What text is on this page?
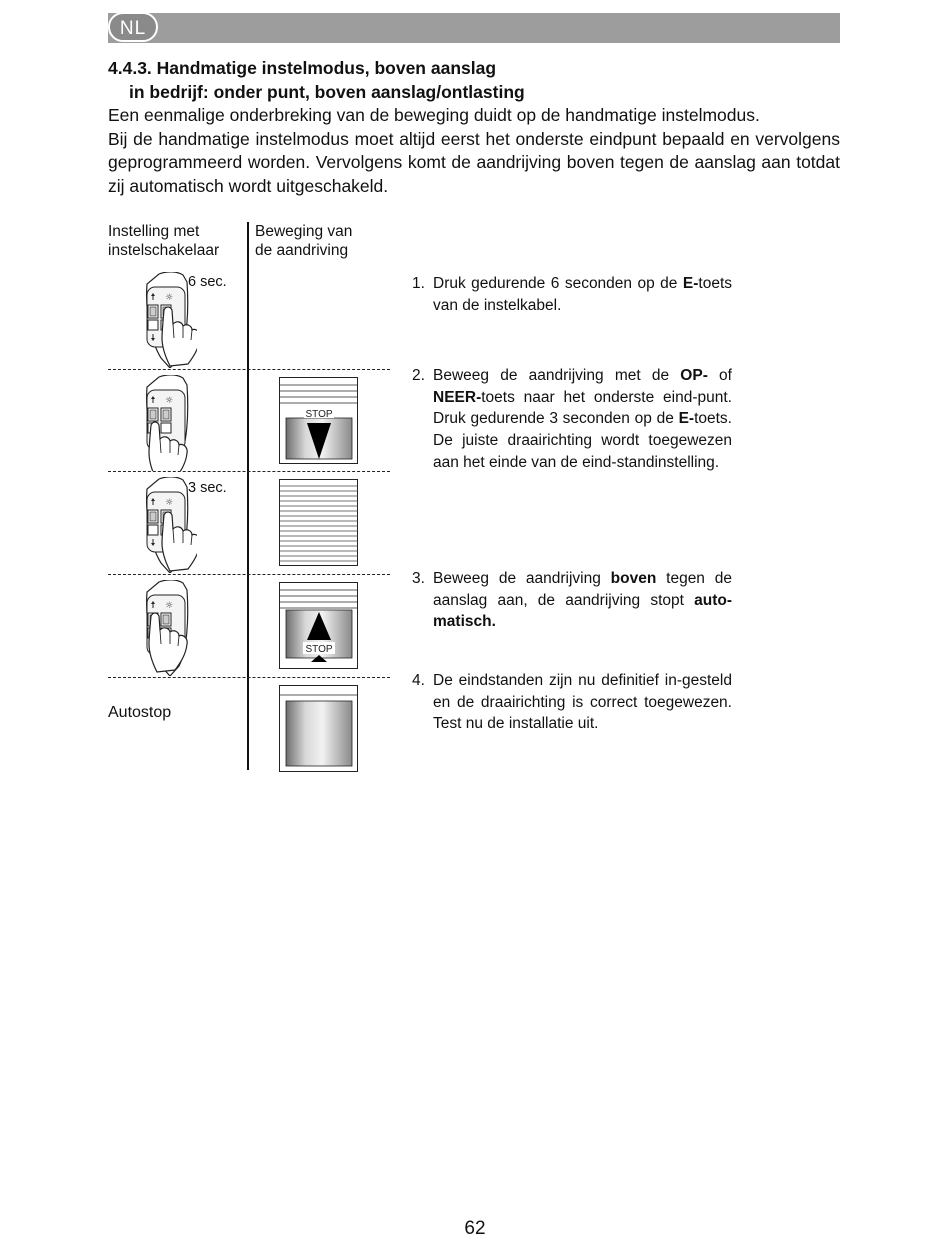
NL
4.4.3. Handmatige instelmodus, boven aanslag
in bedrijf: onder punt, boven aanslag/ontlasting

Een eenmalige onderbreking van de beweging duidt op de handmatige instelmodus.

Bij de handmatige instelmodus moet altijd eerst het onderste eindpunt bepaald en vervolgens geprogrammeerd worden. Vervolgens komt de aandrijving boven tegen de aanslag aan totdat zij automatisch wordt uitgeschakeld.

Instelling met
instelschakelaar
Beweging van
de aandriving
6 sec.
3 sec.
Autostop
STOP
STOP
1. Druk gedurende 6 seconden op de E-toets van de instelkabel.
2. Beweeg de aandrijving met de OP- of NEER-toets naar het onderste eind-punt. Druk gedurende 3 seconden op de E-toets. De juiste draairichting wordt toegewezen aan het einde van de eind-standinstelling.
3. Beweeg de aandrijving boven tegen de aanslag aan, de aandrijving stopt auto-matisch.
4. De eindstanden zijn nu definitief in-gesteld en de draairichting is correct toegewezen. Test nu de installatie uit.
62
